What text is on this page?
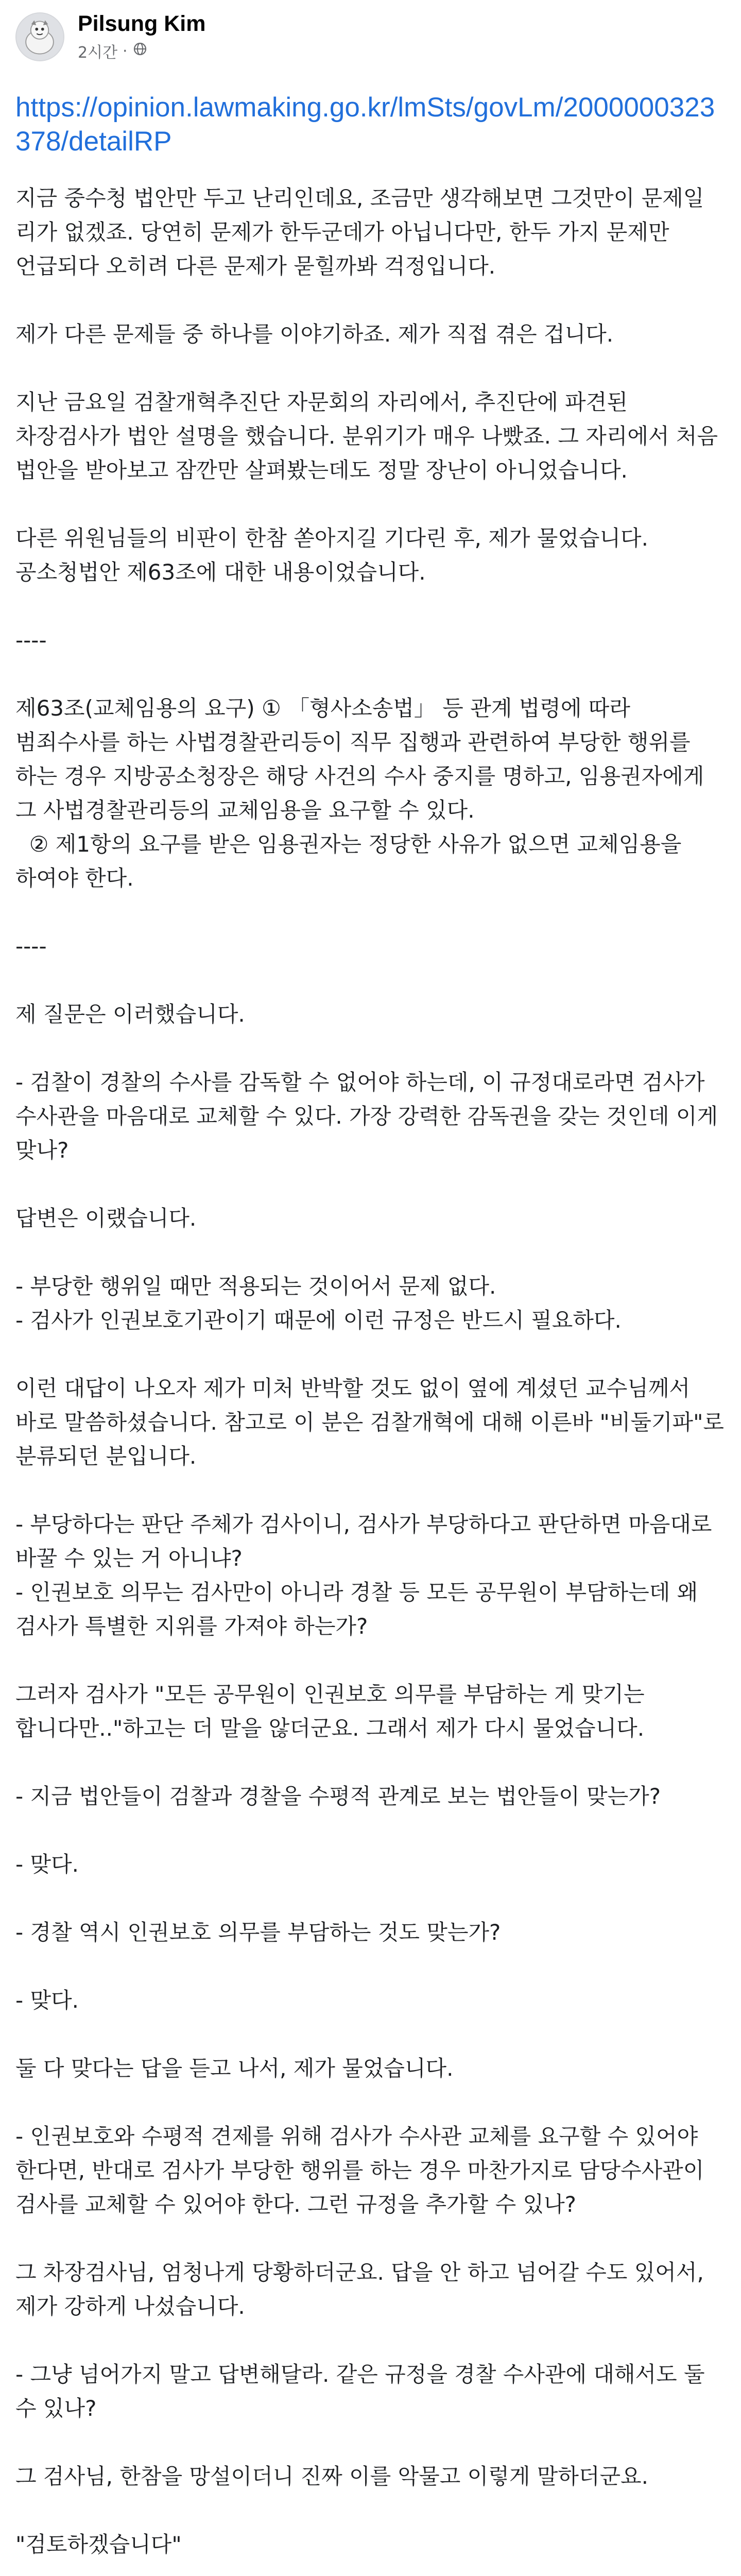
Pilsung Kim
2시간 ·
https://opinion.lawmaking.go.kr/lmSts/govLm/2000000323378/detailRP

지금 중수청 법안만 두고 난리인데요, 조금만 생각해보면 그것만이 문제일 리가 없겠죠. 당연히 문제가 한두군데가 아닙니다만, 한두 가지 문제만 언급되다 오히려 다른 문제가 묻힐까봐 걱정입니다.

제가 다른 문제들 중 하나를 이야기하죠. 제가 직접 겪은 겁니다.

지난 금요일 검찰개혁추진단 자문회의 자리에서, 추진단에 파견된 차장검사가 법안 설명을 했습니다. 분위기가 매우 나빴죠. 그 자리에서 처음 법안을 받아보고 잠깐만 살펴봤는데도 정말 장난이 아니었습니다.

다른 위원님들의 비판이 한참 쏟아지길 기다린 후, 제가 물었습니다. 공소청법안 제63조에 대한 내용이었습니다.

----

제63조(교체임용의 요구) ① 「형사소송법」 등 관계 법령에 따라 범죄수사를 하는 사법경찰관리등이 직무 집행과 관련하여 부당한 행위를 하는 경우 지방공소청장은 해당 사건의 수사 중지를 명하고, 임용권자에게 그 사법경찰관리등의 교체임용을 요구할 수 있다.
② 제1항의 요구를 받은 임용권자는 정당한 사유가 없으면 교체임용을 하여야 한다.

----

제 질문은 이러했습니다.

- 검찰이 경찰의 수사를 감독할 수 없어야 하는데, 이 규정대로라면 검사가 수사관을 마음대로 교체할 수 있다. 가장 강력한 감독권을 갖는 것인데 이게 맞나?

답변은 이랬습니다.

- 부당한 행위일 때만 적용되는 것이어서 문제 없다.
- 검사가 인권보호기관이기 때문에 이런 규정은 반드시 필요하다.

이런 대답이 나오자 제가 미처 반박할 것도 없이 옆에 계셨던 교수님께서 바로 말씀하셨습니다. 참고로 이 분은 검찰개혁에 대해 이른바 "비둘기파"로 분류되던 분입니다.

- 부당하다는 판단 주체가 검사이니, 검사가 부당하다고 판단하면 마음대로 바꿀 수 있는 거 아니냐?
- 인권보호 의무는 검사만이 아니라 경찰 등 모든 공무원이 부담하는데 왜 검사가 특별한 지위를 가져야 하는가?

그러자 검사가 "모든 공무원이 인권보호 의무를 부담하는 게 맞기는 합니다만.."하고는 더 말을 않더군요. 그래서 제가 다시 물었습니다.

- 지금 법안들이 검찰과 경찰을 수평적 관계로 보는 법안들이 맞는가?

- 맞다.

- 경찰 역시 인권보호 의무를 부담하는 것도 맞는가?

- 맞다.

둘 다 맞다는 답을 듣고 나서, 제가 물었습니다.

- 인권보호와 수평적 견제를 위해 검사가 수사관 교체를 요구할 수 있어야 한다면, 반대로 검사가 부당한 행위를 하는 경우 마찬가지로 담당수사관이 검사를 교체할 수 있어야 한다. 그런 규정을 추가할 수 있나?

그 차장검사님, 엄청나게 당황하더군요. 답을 안 하고 넘어갈 수도 있어서, 제가 강하게 나섰습니다.

- 그냥 넘어가지 말고 답변해달라. 같은 규정을 경찰 수사관에 대해서도 둘 수 있나?

그 검사님, 한참을 망설이더니 진짜 이를 악물고 이렇게 말하더군요.

"검토하겠습니다"
